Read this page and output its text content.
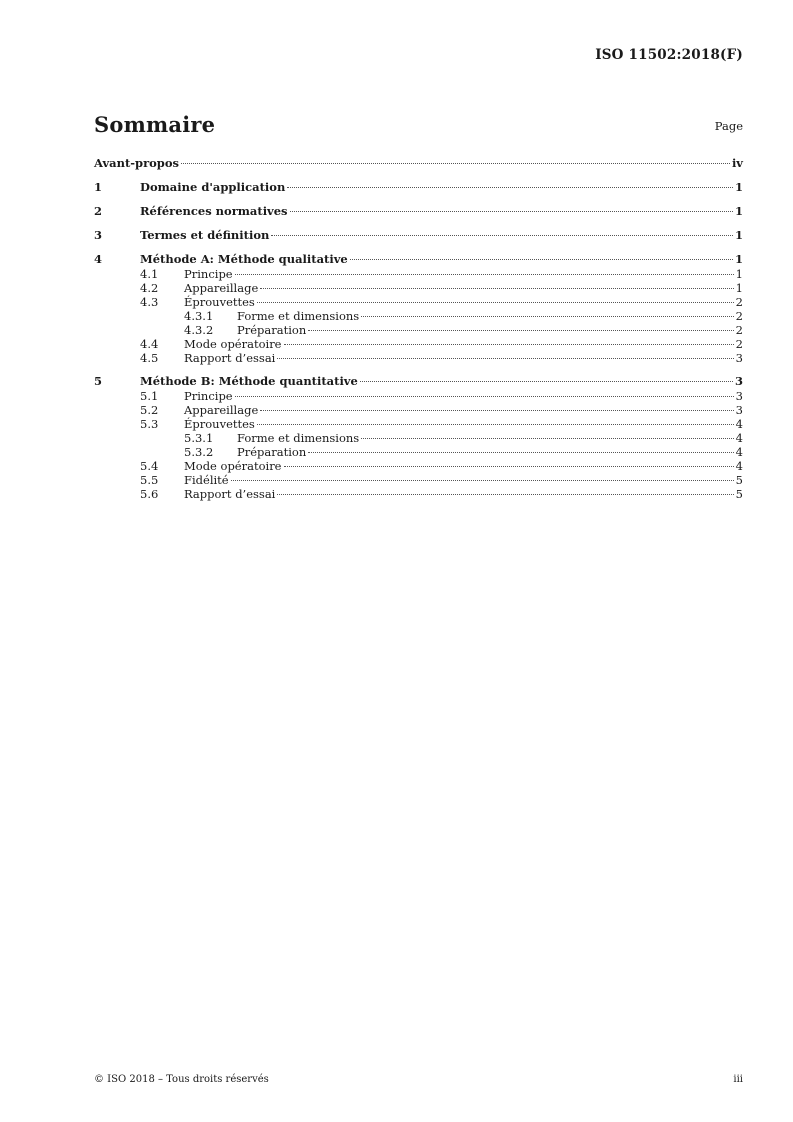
ISO 11502:2018(F)
Sommaire	Page
Avant-propos	iv
1	Domaine d'application	1
2	Références normatives	1
3	Termes et définition	1
4	Méthode A: Méthode qualitative	1
4.1	Principe	1
4.2	Appareillage	1
4.3	Éprouvettes	2
4.3.1	Forme et dimensions	2
4.3.2	Préparation	2
4.4	Mode opératoire	2
4.5	Rapport d’essai	3
5	Méthode B: Méthode quantitative	3
5.1	Principe	3
5.2	Appareillage	3
5.3	Éprouvettes	4
5.3.1	Forme et dimensions	4
5.3.2	Préparation	4
5.4	Mode opératoire	4
5.5	Fidélité	5
5.6	Rapport d’essai	5
© ISO 2018 – Tous droits réservés	iii
